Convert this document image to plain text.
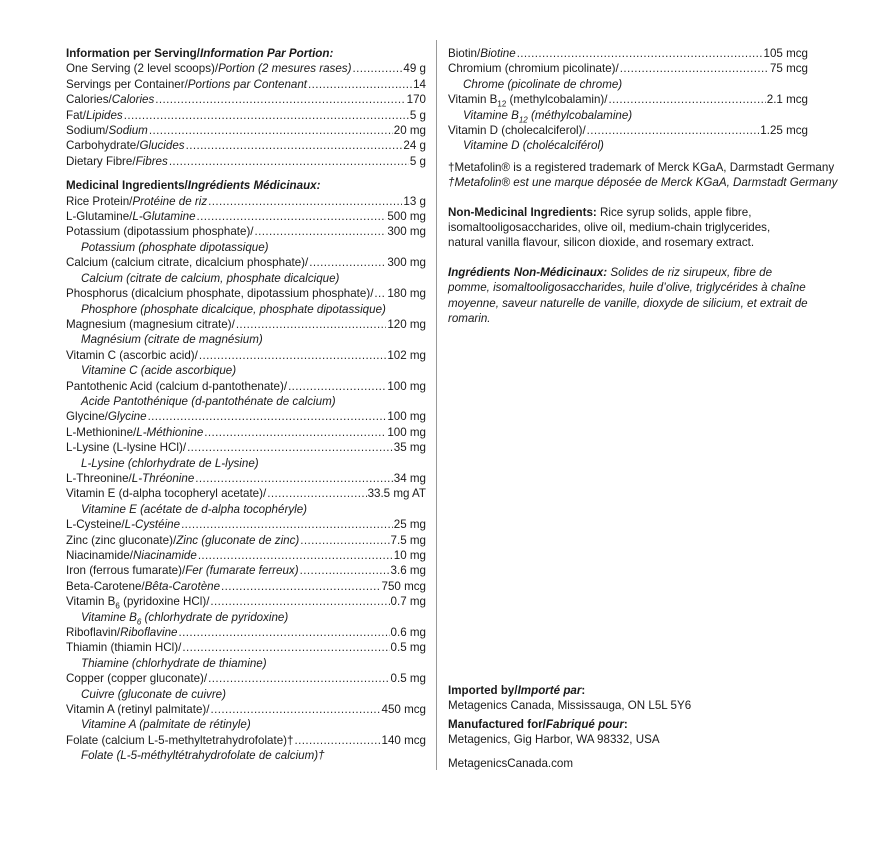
Information per Serving/Information Par Portion:
One Serving (2 level scoops)/Portion (2 mesures rases) .....	49 g
Servings per Container/Portions par Contenant .....	14
Calories/Calories .....	170
Fat/Lipides .....	5 g
Sodium/Sodium .....	20 mg
Carbohydrate/Glucides .....	24 g
Dietary Fibre/Fibres .....	5 g
Medicinal Ingredients/Ingrédients Médicinaux:
Rice Protein/Protéine de riz .....	13 g
L-Glutamine/L-Glutamine .....	500 mg
Potassium (dipotassium phosphate)/ .....	300 mg
Potassium (phosphate dipotassique)
Calcium (calcium citrate, dicalcium phosphate)/ .....	300 mg
Calcium (citrate de calcium, phosphate dicalcique)
Phosphorus (dicalcium phosphate, dipotassium phosphate)/ ..... 180 mg
Phosphore (phosphate dicalcique, phosphate dipotassique)
Magnesium (magnesium citrate)/ .....	120 mg
Magnésium (citrate de magnésium)
Vitamin C (ascorbic acid)/ .....	102 mg
Vitamine C (acide ascorbique)
Pantothenic Acid (calcium d-pantothenate)/ .....	100 mg
Acide Pantothénique (d-pantothénate de calcium)
Glycine/Glycine .....	100 mg
L-Methionine/L-Méthionine .....	100 mg
L-Lysine (L-lysine HCl)/ .....	35 mg
L-Lysine (chlorhydrate de L-lysine)
L-Threonine/L-Thréonine .....	34 mg
Vitamin E (d-alpha tocopheryl acetate)/ .....	33.5 mg AT
Vitamine E (acétate de d-alpha tocophéryle)
L-Cysteine/L-Cystéine .....	25 mg
Zinc (zinc gluconate)/Zinc (gluconate de zinc) .....	7.5 mg
Niacinamide/Niacinamide .....	10 mg
Iron (ferrous fumarate)/Fer (fumarate ferreux) .....	3.6 mg
Beta-Carotene/Bêta-Carotène .....	750 mcg
Vitamin $B_6$ (pyridoxine HCl)/ .....	0.7 mg
Vitamine $B_6$ (chlorhydrate de pyridoxine)
Riboflavin/Riboflavine .....	0.6 mg
Thiamin (thiamin HCl)/ .....	0.5 mg
Thiamine (chlorhydrate de thiamine)
Copper (copper gluconate)/ .....	0.5 mg
Cuivre (gluconate de cuivre)
Vitamin A (retinyl palmitate)/ .....	450 mcg
Vitamine A (palmitate de rétinyle)
Folate (calcium L-5-methyltetrahydrofolate)† .....	140 mcg
Folate (L-5-méthyltétrahydrofolate de calcium)†
Biotin/Biotine .....	105 mcg
Chromium (chromium picolinate)/ .....	75 mcg
Chrome (picolinate de chrome)
Vitamin $B_{12}$ (methylcobalamin)/ .....	2.1 mcg
Vitamine $B_{12}$ (méthylcobalamine)
Vitamin D (cholecalciferol)/ .....	1.25 mcg
Vitamine D (cholécalciférol)
†Metafolin® is a registered trademark of Merck KGaA, Darmstadt Germany
†Metafolin® est une marque déposée de Merck KGaA, Darmstadt Germany
Non-Medicinal Ingredients: Rice syrup solids, apple fibre, isomaltooligosaccharides, olive oil, medium-chain triglycerides, natural vanilla flavour, silicon dioxide, and rosemary extract.
Ingrédients Non-Médicinaux: Solides de riz sirupeux, fibre de pomme, isomaltooligosaccharides, huile d’olive, triglycérides à chaîne moyenne, saveur naturelle de vanille, dioxyde de silicium, et extrait de romarin.
Imported by/Importé par:
Metagenics Canada, Mississauga, ON L5L 5Y6
Manufactured for/Fabriqué pour:
Metagenics, Gig Harbor, WA 98332, USA
MetagenicsCanada.com
